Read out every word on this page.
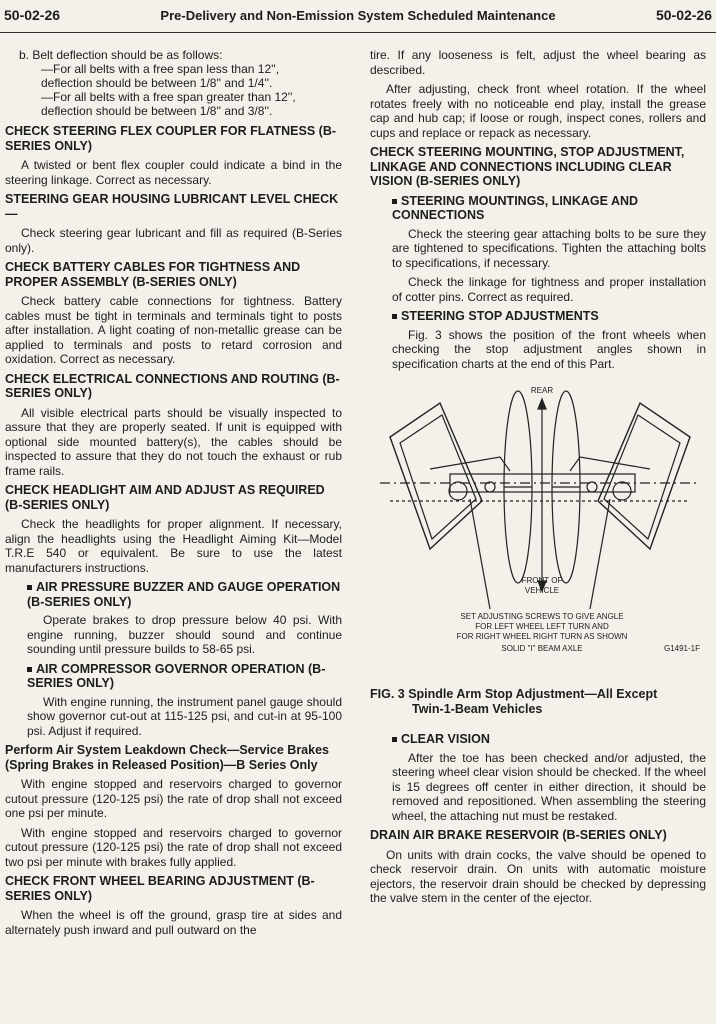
50-02-26	Pre-Delivery and Non-Emission System Scheduled Maintenance	50-02-26
b. Belt deflection should be as follows:
—For all belts with a free span less than 12'',
deflection should be between 1/8'' and 1/4''.
—For all belts with a free span greater than 12'',
deflection should be between 1/8'' and 3/8''.
CHECK STEERING FLEX COUPLER FOR FLATNESS (B-SERIES ONLY)

A twisted or bent flex coupler could indicate a bind in the steering linkage. Correct as necessary.

STEERING GEAR HOUSING LUBRICANT LEVEL CHECK—

Check steering gear lubricant and fill as required (B-Series only).

CHECK BATTERY CABLES FOR TIGHTNESS AND PROPER ASSEMBLY (B-SERIES ONLY)

Check battery cable connections for tightness. Battery cables must be tight in terminals and terminals tight to posts after installation. A light coating of non-metallic grease can be applied to terminals and posts to retard corrosion and oxidation. Correct as necessary.

CHECK ELECTRICAL CONNECTIONS AND ROUTING (B-SERIES ONLY)

All visible electrical parts should be visually inspected to assure that they are properly seated. If unit is equipped with optional side mounted battery(s), the cables should be inspected to assure that they do not touch the exhaust or rub frame rails.

CHECK HEADLIGHT AIM AND ADJUST AS REQUIRED (B-SERIES ONLY)

Check the headlights for proper alignment. If necessary, align the headlights using the Headlight Aiming Kit—Model T.R.E 540 or equivalent. Be sure to use the latest manufacturers instructions.

AIR PRESSURE BUZZER AND GAUGE OPERATION (B-SERIES ONLY)

Operate brakes to drop pressure below 40 psi. With engine running, buzzer should sound and continue sounding until pressure builds to 58-65 psi.

AIR COMPRESSOR GOVERNOR OPERATION (B-SERIES ONLY)

With engine running, the instrument panel gauge should show governor cut-out at 115-125 psi, and cut-in at 95-100 psi. Adjust if required.

Perform Air System Leakdown Check—Service Brakes (Spring Brakes in Released Position)—B Series Only

With engine stopped and reservoirs charged to governor cutout pressure (120-125 psi) the rate of drop shall not exceed one psi per minute.

With engine stopped and reservoirs charged to governor cutout pressure (120-125 psi) the rate of drop shall not exceed two psi per minute with brakes fully applied.

CHECK FRONT WHEEL BEARING ADJUSTMENT (B-SERIES ONLY)

When the wheel is off the ground, grasp tire at sides and alternately push inward and pull outward on the

tire. If any looseness is felt, adjust the wheel bearing as described.

After adjusting, check front wheel rotation. If the wheel rotates freely with no noticeable end play, install the grease cap and hub cap; if loose or rough, inspect cones, rollers and cups and replace or repack as necessary.

CHECK STEERING MOUNTING, STOP ADJUSTMENT, LINKAGE AND CONNECTIONS INCLUDING CLEAR VISION (B-SERIES ONLY)
STEERING MOUNTINGS, LINKAGE AND CONNECTIONS

Check the steering gear attaching bolts to be sure they are tightened to specifications. Tighten the attaching bolts to specifications, if necessary.

Check the linkage for tightness and proper installation of cotter pins. Correct as required.

STEERING STOP ADJUSTMENTS

Fig. 3 shows the position of the front wheels when checking the stop adjustment angles shown in specification charts at the end of this Part.

REAR
FRONT OF
VEHICLE
SET ADJUSTING SCREWS TO GIVE ANGLE
FOR LEFT WHEEL LEFT TURN AND
FOR RIGHT WHEEL RIGHT TURN AS SHOWN
SOLID "I" BEAM AXLE	G1491-1F
FIG. 3 Spindle Arm Stop Adjustment—All Except
Twin-1-Beam Vehicles
CLEAR VISION

After the toe has been checked and/or adjusted, the steering wheel clear vision should be checked. If the wheel is 15 degrees off center in either direction, it should be removed and repositioned. When assembling the steering wheel, the attaching nut must be restaked.

DRAIN AIR BRAKE RESERVOIR (B-SERIES ONLY)

On units with drain cocks, the valve should be opened to check reservoir drain. On units with automatic moisture ejectors, the reservoir drain should be checked by depressing the valve stem in the center of the ejector.
